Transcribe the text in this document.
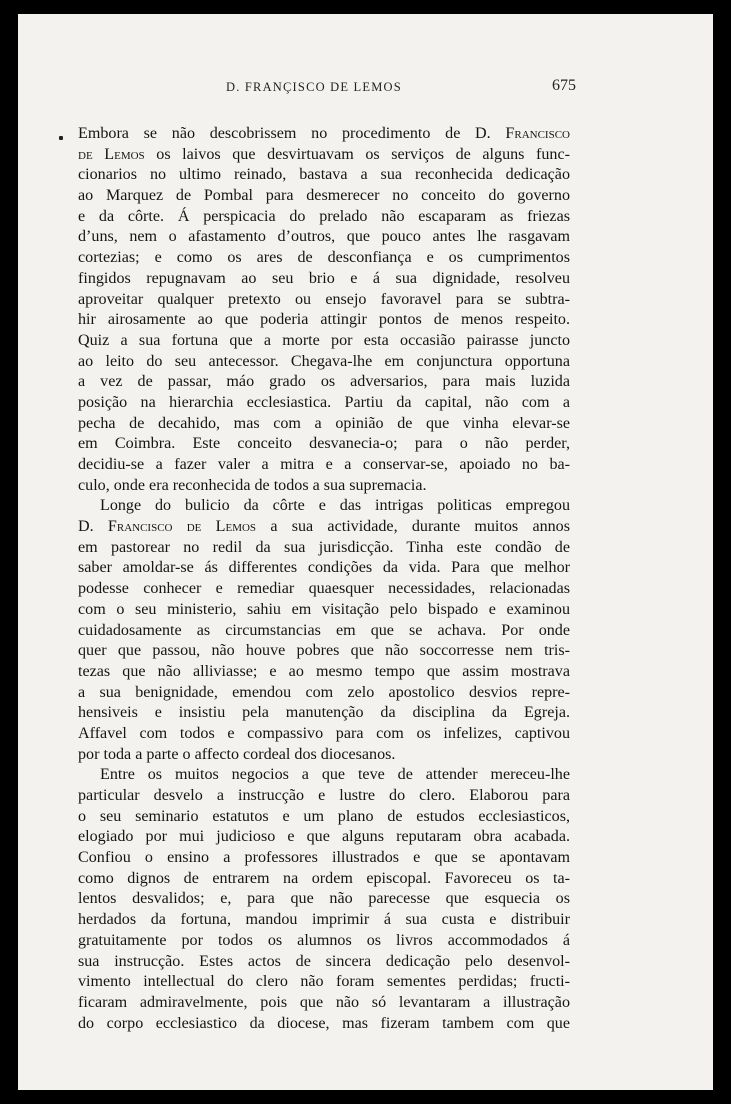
D. FRANÇISCO DE LEMOS	675
Embora se não descobrissem no procedimento de D. Francisco
de Lemos os laivos que desvirtuavam os serviços de alguns func-
cionarios no ultimo reinado, bastava a sua reconhecida dedicação
ao Marquez de Pombal para desmerecer no conceito do governo
e da côrte. Á perspicacia do prelado não escaparam as friezas
d’uns, nem o afastamento d’outros, que pouco antes lhe rasgavam
cortezias; e como os ares de desconfiança e os cumprimentos
fingidos repugnavam ao seu brio e á sua dignidade, resolveu
aproveitar qualquer pretexto ou ensejo favoravel para se subtra-
hir airosamente ao que poderia attingir pontos de menos respeito.
Quiz a sua fortuna que a morte por esta occasião pairasse juncto
ao leito do seu antecessor. Chegava-lhe em conjunctura opportuna
a vez de passar, máo grado os adversarios, para mais luzida
posição na hierarchia ecclesiastica. Partiu da capital, não com a
pecha de decahido, mas com a opinião de que vinha elevar-se
em Coimbra. Este conceito desvanecia-o; para o não perder,
decidiu-se a fazer valer a mitra e a conservar-se, apoiado no ba-
culo, onde era reconhecida de todos a sua supremacia.
Longe do bulicio da côrte e das intrigas politicas empregou
D. Francisco de Lemos a sua actividade, durante muitos annos
em pastorear no redil da sua jurisdicção. Tinha este condão de
saber amoldar-se ás differentes condições da vida. Para que melhor
podesse conhecer e remediar quaesquer necessidades, relacionadas
com o seu ministerio, sahiu em visitação pelo bispado e examinou
cuidadosamente as circumstancias em que se achava. Por onde
quer que passou, não houve pobres que não soccorresse nem tris-
tezas que não alliviasse; e ao mesmo tempo que assim mostrava
a sua benignidade, emendou com zelo apostolico desvios repre-
hensiveis e insistiu pela manutenção da disciplina da Egreja.
Affavel com todos e compassivo para com os infelizes, captivou
por toda a parte o affecto cordeal dos diocesanos.
Entre os muitos negocios a que teve de attender mereceu-lhe
particular desvelo a instrucção e lustre do clero. Elaborou para
o seu seminario estatutos e um plano de estudos ecclesiasticos,
elogiado por mui judicioso e que alguns reputaram obra acabada.
Confiou o ensino a professores illustrados e que se apontavam
como dignos de entrarem na ordem episcopal. Favoreceu os ta-
lentos desvalidos; e, para que não parecesse que esquecia os
herdados da fortuna, mandou imprimir á sua custa e distribuir
gratuitamente por todos os alumnos os livros accommodados á
sua instrucção. Estes actos de sincera dedicação pelo desenvol-
vimento intellectual do clero não foram sementes perdidas; fructi-
ficaram admiravelmente, pois que não só levantaram a illustração
do corpo ecclesiastico da diocese, mas fizeram tambem com que
